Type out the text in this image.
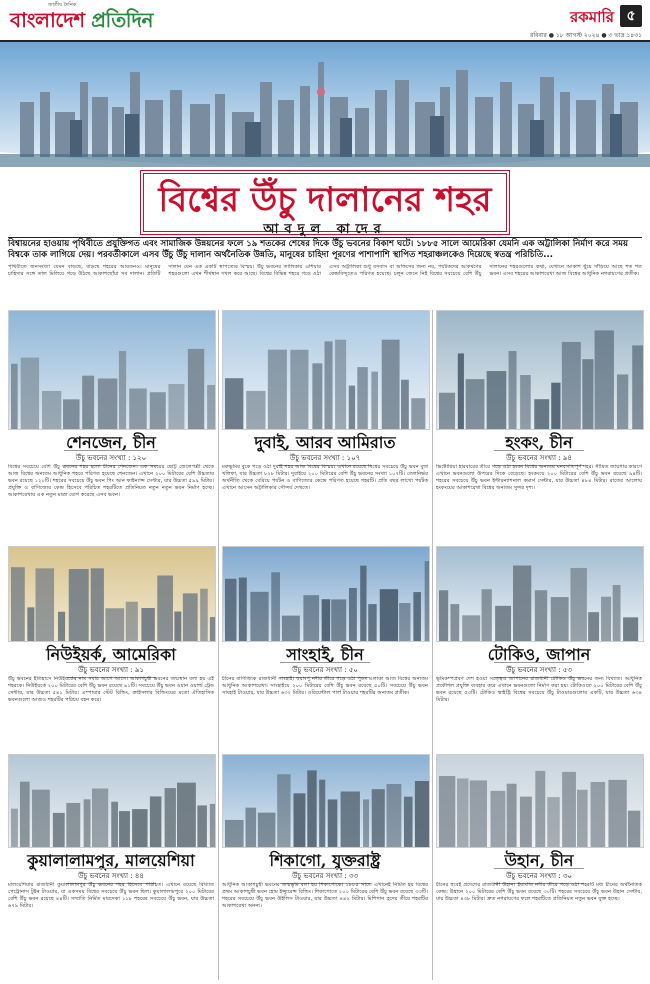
জাতীয় দৈনিক
বাংলাদেশ প্রতিদিন	রকমারি ৫
রবিবার ● ১৮ আগস্ট ২০২৪ ● ৩ ভাদ্র ১৪৩১
বিশ্বের উঁচু দালানের শহর
আবদুল কাদের
বিশ্বায়নের হাওয়ায় পৃথিবীতে প্রযুক্তিগত এবং সামাজিক উন্নয়নের ফলে ১৯ শতকের শেষের দিকে উঁচু ভবনের বিকাশ ঘটে। ১৮৮৫ সালে আমেরিকা যেমনি এক অট্টালিকা নির্মাণ করে সময় বিশ্বকে তাক লাগিয়ে দেয়। পরবর্তীকালে এসব উঁচু উঁচু দালান অর্থনৈতিক উন্নতি, মানুষের চাহিদা পূরণের পাশাপাশি স্থাপিত শহরাঞ্চলকেও দিয়েছে স্বতন্ত্র পরিচিতি...
পৃথিবীতে জনসংখ্যা যেমন বাড়ছে, বাড়ছে শহরের আয়তনও। মানুষের চাহিদার সঙ্গে তাল মিলিয়ে গড়ে উঠছে আকাশছোঁয়া সব দালান। প্রতিটি দালান যেন এক একটি স্থাপত্যের বিস্ময়। উঁচু ভবনের তালিকায় এশিয়ার শহরগুলো এখন শীর্ষস্থান দখল করে আছে। বিশ্বের বিভিন্ন শহরে গড়ে ওঠা এসব অট্টালিকা শুধু বসবাস বা অফিসের জন্য নয়, পর্যটকদের আকর্ষণের কেন্দ্রবিন্দুতেও পরিণত হয়েছে। চলুন জেনে নিই বিশ্বের সবচেয়ে বেশি উঁচু দালানের শহরগুলোর কথা, যেখানে আকাশ ছুঁয়ে দাঁড়িয়ে আছে শত শত ভবন। এসব শহরের আকাশরেখা আজ বিশ্বের আধুনিক নগরায়ণের প্রতীক।
শেনজেন, চীন
উঁচু ভবনের সংখ্যা : ১২০
বিশ্বের সবচেয়ে বেশি উঁচু ভবনের শহর হলো চীনের শেনজেন। এক সময়ের ছোট্ট জেলেপল্লী থেকে আজ বিশ্বের অন্যতম আধুনিক শহরে পরিণত হয়েছে শেনজেন। এখানে ২০০ মিটারের বেশি উচ্চতার ভবন রয়েছে ১২০টি। শহরের সবচেয়ে উঁচু ভবন পিং আন ফাইন্যান্স সেন্টার, যার উচ্চতা ৫৯৯ মিটার। প্রযুক্তি ও বাণিজ্যের কেন্দ্র হিসেবে পরিচিত শহরটিতে প্রতিনিয়ত নতুন নতুন ভবন নির্মাণ হচ্ছে। আকাশরেখায় এক নতুন মাত্রা যোগ করেছে এসব ভবন।
দুবাই, আরব আমিরাত
উঁচু ভবনের সংখ্যা : ১০৭
মরুভূমির বুকে গড়ে ওঠা দুবাই শহর আজ বিশ্বের বিস্ময়। এখানে রয়েছে বিশ্বের সবচেয়ে উঁচু ভবন বুর্জ খলিফা, যার উচ্চতা ৮২৮ মিটার। দুবাইয়ে ২০০ মিটারের বেশি উঁচু ভবনের সংখ্যা ১০৭টি। তেলনির্ভর অর্থনীতি থেকে বেরিয়ে পর্যটন ও বাণিজ্যের কেন্দ্রে পরিণত হয়েছে শহরটি। প্রতি বছর লাখো পর্যটক এখানে আসেন অট্টালিকার সৌন্দর্য দেখতে।
হংকং, চীন
উঁচু ভবনের সংখ্যা : ৯৪
ভিক্টোরিয়া হারবারের তীরে গড়ে ওঠা হংকং বিশ্বের অন্যতম ঘনবসতিপূর্ণ শহর। সীমিত জায়গার কারণে এখানে ভবনগুলো উপরের দিকে বেড়েছে। হংকংয়ে ২০০ মিটারের বেশি উঁচু ভবন রয়েছে ৯৪টি। শহরের সবচেয়ে উঁচু ভবন ইন্টারন্যাশনাল কমার্স সেন্টার, যার উচ্চতা ৪৮৪ মিটার। রাতের আলোয় হংকংয়ের আকাশরেখা বিশ্বের অন্যতম সুন্দর দৃশ্য।
নিউইয়র্ক, আমেরিকা
উঁচু ভবনের সংখ্যা : ৯১
উঁচু ভবনের ইতিহাসে নিউইয়র্কের নাম সবার আগে আসে। আকাশচুম্বী ভবনের জন্মস্থান বলা হয় এই শহরকে। নিউইয়র্কে ২০০ মিটারের বেশি উঁচু ভবন রয়েছে ৯১টি। সবচেয়ে উঁচু ভবন ওয়ান ওয়ার্ল্ড ট্রেড সেন্টার, যার উচ্চতা ৫৪১ মিটার। এম্পায়ার স্টেট বিল্ডিং, ক্রাইসলার বিল্ডিংয়ের মতো ঐতিহাসিক ভবনগুলো আজও শহরটির পরিচয় বহন করে।
সাংহাই, চীন
উঁচু ভবনের সংখ্যা : ৫০
চীনের বাণিজ্যিক রাজধানী সাংহাই। হুয়াংপু নদীর তীরে গড়ে ওঠা পুডং এলাকা আজ বিশ্বের অন্যতম আধুনিক আকাশরেখা। সাংহাইয়ে ২০০ মিটারের বেশি উঁচু ভবন রয়েছে ৫০টি। সবচেয়ে উঁচু ভবন সাংহাই টাওয়ার, যার উচ্চতা ৬৩২ মিটার। ওরিয়েন্টাল পার্ল টাওয়ার শহরটির অন্যতম প্রতীক।
টোকিও, জাপান
উঁচু ভবনের সংখ্যা : ৫৩
ভূমিকম্পপ্রবণ দেশ হওয়া সত্ত্বেও জাপানের রাজধানী টোকিও উঁচু ভবনের জন্য বিখ্যাত। আধুনিক প্রকৌশল প্রযুক্তি ব্যবহার করে এখানে ভবনগুলো নির্মাণ করা হয়। টোকিওতে ২০০ মিটারের বেশি উঁচু ভবন রয়েছে ৫৩টি। টোকিও স্কাইট্রি বিশ্বের সবচেয়ে উঁচু টাওয়ারগুলোর একটি, যার উচ্চতা ৬৩৪ মিটার।
কুয়ালালামপুর, মালয়েশিয়া
উঁচু ভবনের সংখ্যা : ৪৪
মালয়েশিয়ার রাজধানী কুয়ালালামপুর উঁচু ভবনের শহর হিসেবে পরিচিত। এখানে রয়েছে বিখ্যাত পেট্রোনাস টুইন টাওয়ার, যা একসময় বিশ্বের সবচেয়ে উঁচু ভবন ছিল। কুয়ালালামপুরে ২০০ মিটারের বেশি উঁচু ভবন রয়েছে ৪৪টি। সম্প্রতি নির্মিত মারদেকা ১১৮ শহরের সবচেয়ে উঁচু ভবন, যার উচ্চতা ৬৭৯ মিটার।
শিকাগো, যুক্তরাষ্ট্র
উঁচু ভবনের সংখ্যা : ৩৩
আধুনিক আকাশচুম্বী ভবনের জন্মভূমি বলা হয় শিকাগোকে। ১৮৮৫ সালে এখানেই নির্মিত হয় বিশ্বের প্রথম আকাশচুম্বী ভবন হোম ইন্স্যুরেন্স বিল্ডিং। শিকাগোতে ২০০ মিটারের বেশি উঁচু ভবন রয়েছে ৩৩টি। শহরের সবচেয়ে উঁচু ভবন উইলিস টাওয়ার, যার উচ্চতা ৪৪২ মিটার। মিশিগান হ্রদের তীরে শহরটির আকাশরেখা অনন্য।
উহান, চীন
উঁচু ভবনের সংখ্যা : ৩০
চীনের হুবেই প্রদেশের রাজধানী উহান। ইয়াংজি নদীর তীরে গড়ে ওঠা শহরটি মধ্য চীনের অর্থনৈতিক কেন্দ্র। উহানে ২০০ মিটারের বেশি উঁচু ভবন রয়েছে ৩০টি। শহরের সবচেয়ে উঁচু ভবন উহান সেন্টার, যার উচ্চতা ৪৩৮ মিটার। দ্রুত নগরায়ণের ফলে শহরটিতে প্রতিনিয়ত নতুন ভবন যুক্ত হচ্ছে।
